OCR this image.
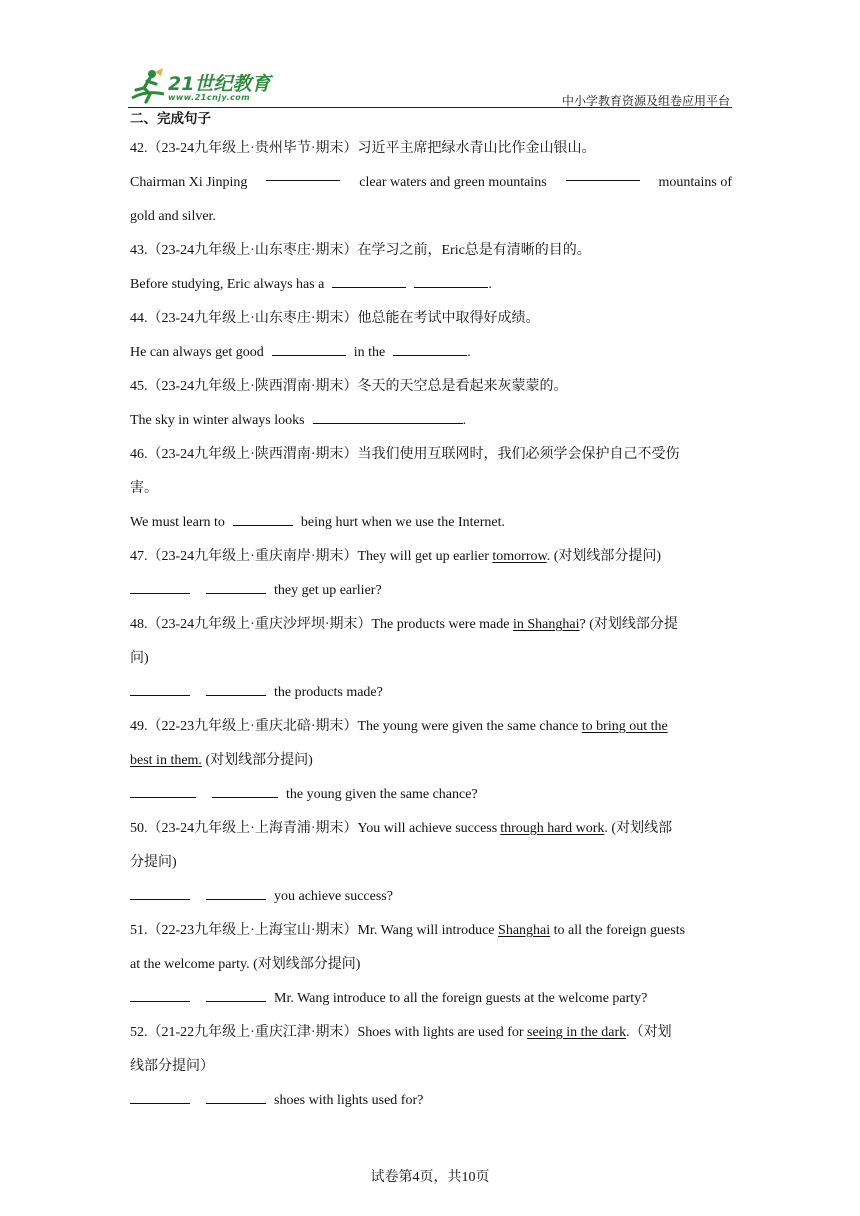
21世纪教育
www.21cnjy.com	中小学教育资源及组卷应用平台
二、完成句子
42.（23-24九年级上·贵州毕节·期末）习近平主席把绿水青山比作金山银山。
Chairman Xi Jinping	clear waters and green mountains	mountains of
gold and silver.
43.（23-24九年级上·山东枣庄·期末）在学习之前，Eric总是有清晰的目的。
Before studying, Eric always has a	.
44.（23-24九年级上·山东枣庄·期末）他总能在考试中取得好成绩。
He can always get good	in the	.
45.（23-24九年级上·陕西渭南·期末）冬天的天空总是看起来灰蒙蒙的。
The sky in winter always looks	.
46.（23-24九年级上·陕西渭南·期末）当我们使用互联网时，我们必须学会保护自己不受伤
害。
We must learn to	being hurt when we use the Internet.
47.（23-24九年级上·重庆南岸·期末）They will get up earlier tomorrow. (对划线部分提问)
they get up earlier?
48.（23-24九年级上·重庆沙坪坝·期末）The products were made in Shanghai? (对划线部分提
问)
the products made?
49.（22-23九年级上·重庆北碚·期末）The young were given the same chance to bring out the
best in them. (对划线部分提问)
the young given the same chance?
50.（23-24九年级上·上海青浦·期末）You will achieve success through hard work. (对划线部
分提问)
you achieve success?
51.（22-23九年级上·上海宝山·期末）Mr. Wang will introduce Shanghai to all the foreign guests
at the welcome party. (对划线部分提问)
Mr. Wang introduce to all the foreign guests at the welcome party?
52.（21-22九年级上·重庆江津·期末）Shoes with lights are used for seeing in the dark.（对划
线部分提问）
shoes with lights used for?
试卷第4页，共10页
